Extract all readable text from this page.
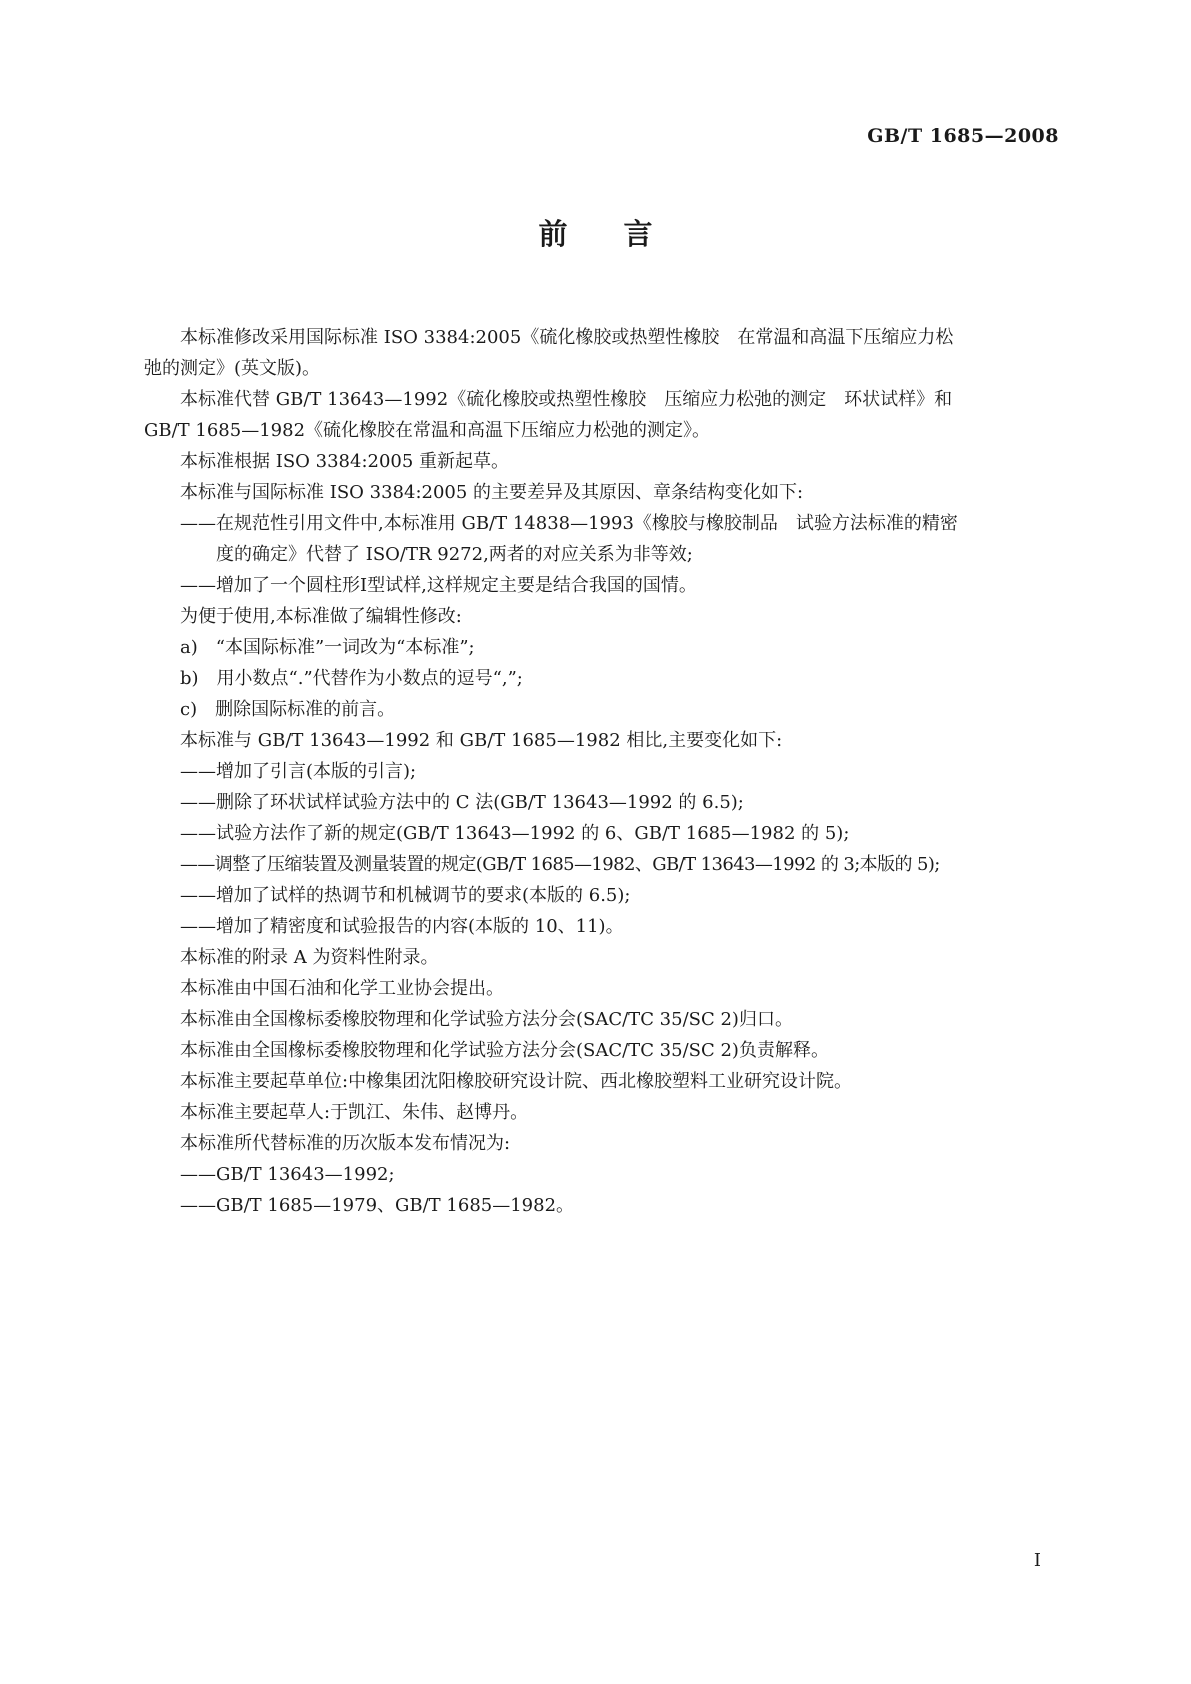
GB/T 1685—2008
前言

本标准修改采用国际标准 ISO 3384:2005《硫化橡胶或热塑性橡胶　在常温和高温下压缩应力松

弛的测定》(英文版)。

本标准代替 GB/T 13643—1992《硫化橡胶或热塑性橡胶　压缩应力松弛的测定　环状试样》和

GB/T 1685—1982《硫化橡胶在常温和高温下压缩应力松弛的测定》。

本标准根据 ISO 3384:2005 重新起草。

本标准与国际标准 ISO 3384:2005 的主要差异及其原因、章条结构变化如下:

——在规范性引用文件中,本标准用 GB/T 14838—1993《橡胶与橡胶制品　试验方法标准的精密

度的确定》代替了 ISO/TR 9272,两者的对应关系为非等效;

——增加了一个圆柱形Ⅰ型试样,这样规定主要是结合我国的国情。

为便于使用,本标准做了编辑性修改:

a)　“本国际标准”一词改为“本标准”;

b)　用小数点“.”代替作为小数点的逗号“,”;

c)　删除国际标准的前言。

本标准与 GB/T 13643—1992 和 GB/T 1685—1982 相比,主要变化如下:

——增加了引言(本版的引言);

——删除了环状试样试验方法中的 C 法(GB/T 13643—1992 的 6.5);

——试验方法作了新的规定(GB/T 13643—1992 的 6、GB/T 1685—1982 的 5);

——调整了压缩装置及测量装置的规定(GB/T 1685—1982、GB/T 13643—1992 的 3;本版的 5);

——增加了试样的热调节和机械调节的要求(本版的 6.5);

——增加了精密度和试验报告的内容(本版的 10、11)。

本标准的附录 A 为资料性附录。

本标准由中国石油和化学工业协会提出。

本标准由全国橡标委橡胶物理和化学试验方法分会(SAC/TC 35/SC 2)归口。

本标准由全国橡标委橡胶物理和化学试验方法分会(SAC/TC 35/SC 2)负责解释。

本标准主要起草单位:中橡集团沈阳橡胶研究设计院、西北橡胶塑料工业研究设计院。

本标准主要起草人:于凯江、朱伟、赵博丹。

本标准所代替标准的历次版本发布情况为:

——GB/T 13643—1992;

——GB/T 1685—1979、GB/T 1685—1982。

I
